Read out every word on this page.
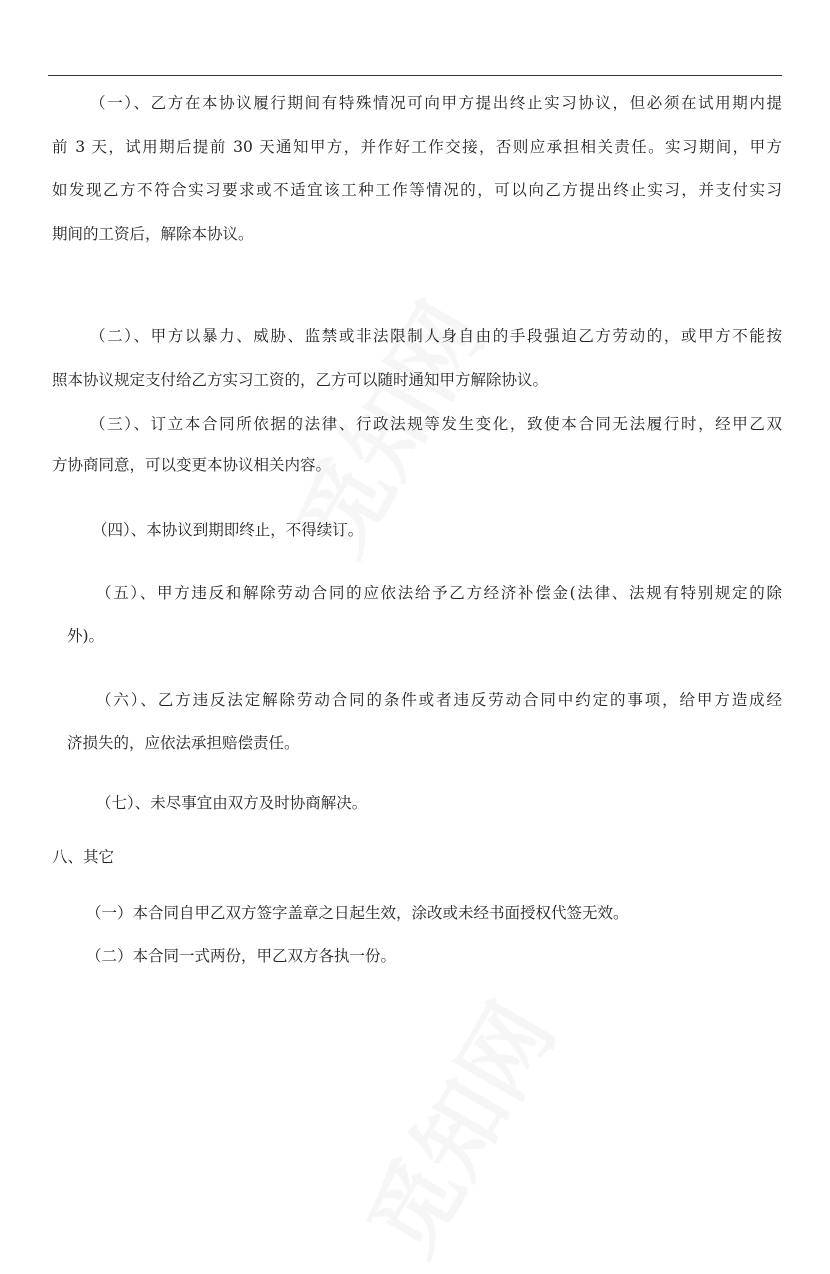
（一）、乙方在本协议履行期间有特殊情况可向甲方提出终止实习协议，但必须在试用期内提
前 3 天，试用期后提前 30 天通知甲方，并作好工作交接，否则应承担相关责任。实习期间，甲方
如发现乙方不符合实习要求或不适宜该工种工作等情况的，可以向乙方提出终止实习，并支付实习
期间的工资后，解除本协议。
（二）、甲方以暴力、威胁、监禁或非法限制人身自由的手段强迫乙方劳动的，或甲方不能按
照本协议规定支付给乙方实习工资的，乙方可以随时通知甲方解除协议。
（三）、订立本合同所依据的法律、行政法规等发生变化，致使本合同无法履行时，经甲乙双
方协商同意，可以变更本协议相关内容。
（四）、本协议到期即终止，不得续订。
（五）、甲方违反和解除劳动合同的应依法给予乙方经济补偿金(法律、法规有特别规定的除
外)。
（六）、乙方违反法定解除劳动合同的条件或者违反劳动合同中约定的事项，给甲方造成经
济损失的，应依法承担赔偿责任。
（七）、未尽事宜由双方及时协商解决。
八、其它
（一）本合同自甲乙双方签字盖章之日起生效，涂改或未经书面授权代签无效。
（二）本合同一式两份，甲乙双方各执一份。
